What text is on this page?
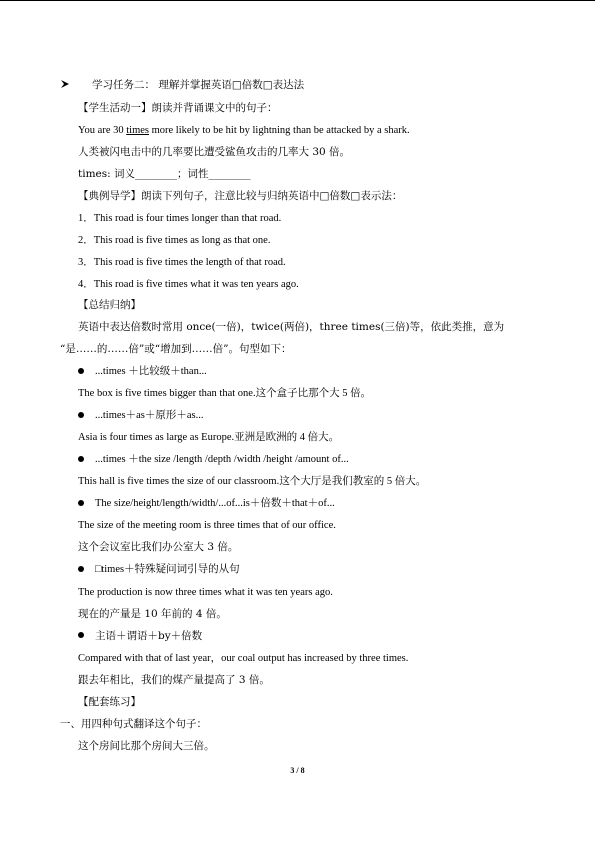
学习任务二： 理解并掌握英语□倍数□表达法
【学生活动一】朗读并背诵课文中的句子：
You are 30 times more likely to be hit by lightning than be attacked by a shark.
人类被闪电击中的几率要比遭受鲨鱼攻击的几率大 30 倍。
times: 词义________；词性________
【典例导学】朗读下列句子，注意比较与归纳英语中□倍数□表示法：
1．This road is four times longer than that road.
2．This road is five times as long as that one.
3．This road is five times the length of that road.
4．This road is five times what it was ten years ago.
【总结归纳】
英语中表达倍数时常用 once(一倍)，twice(两倍)，three times(三倍)等，依此类推，意为
“是……的……倍”或“增加到……倍”。句型如下：
...times ＋比较级＋than...
The box is five times bigger than that one.这个盒子比那个大 5 倍。
...times＋as＋原形＋as...
Asia is four times as large as Europe.亚洲是欧洲的 4 倍大。
...times ＋the size /length /depth /width /height /amount of...
This hall is five times the size of our classroom.这个大厅是我们教室的 5 倍大。
The size/height/length/width/...of...is＋倍数＋that＋of...
The size of the meeting room is three times that of our office.
这个会议室比我们办公室大 3 倍。
□times＋特殊疑问词引导的从句
The production is now three times what it was ten years ago.
现在的产量是 10 年前的 4 倍。
主语＋谓语＋by＋倍数
Compared with that of last year，our coal output has increased by three times.
跟去年相比，我们的煤产量提高了 3 倍。
【配套练习】
一、用四种句式翻译这个句子：
这个房间比那个房间大三倍。
3 / 8
